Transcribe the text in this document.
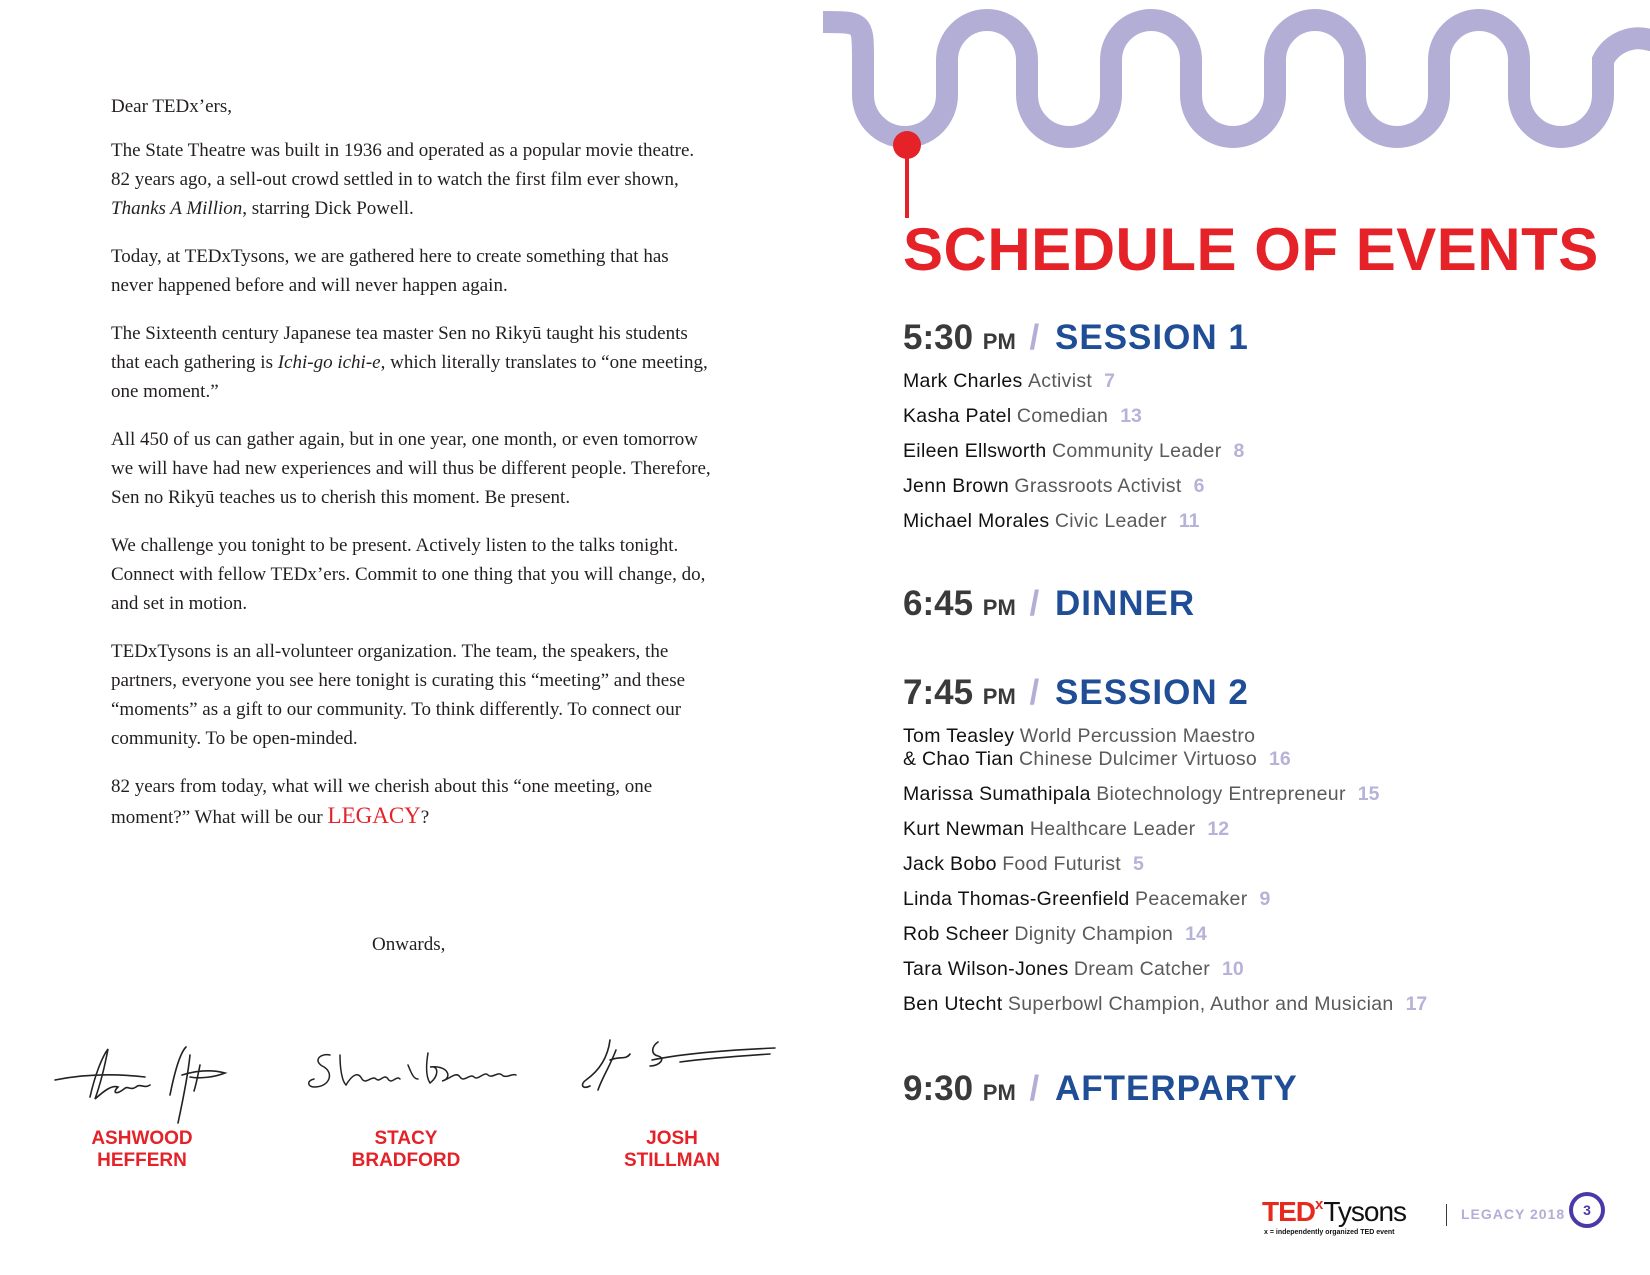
Dear TEDx’ers,

The State Theatre was built in 1936 and operated as a popular movie theatre. 82 years ago, a sell-out crowd settled in to watch the first film ever shown, Thanks A Million, starring Dick Powell.

Today, at TEDxTysons, we are gathered here to create something that has never happened before and will never happen again.

The Sixteenth century Japanese tea master Sen no Rikyū taught his students that each gathering is Ichi-go ichi-e, which literally translates to “one meeting, one moment.”

All 450 of us can gather again, but in one year, one month, or even tomorrow we will have had new experiences and will thus be different people. Therefore, Sen no Rikyū teaches us to cherish this moment. Be present.

We challenge you tonight to be present. Actively listen to the talks tonight. Connect with fellow TEDx’ers. Commit to one thing that you will change, do, and set in motion.

TEDxTysons is an all-volunteer organization. The team, the speakers, the partners, everyone you see here tonight is curating this “meeting” and these “moments” as a gift to our community. To think differently. To connect our community. To be open-minded.

82 years from today, what will we cherish about this “one meeting, one moment?” What will be our LEGACY?

Onwards,
ASHWOOD
HEFFERN
STACY
BRADFORD
JOSH
STILLMAN
SCHEDULE OF EVENTS
5:30 PM / SESSION 1
Mark Charles Activist 7
Kasha Patel Comedian 13
Eileen Ellsworth Community Leader 8
Jenn Brown Grassroots Activist 6
Michael Morales Civic Leader 11
6:45 PM / DINNER
7:45 PM / SESSION 2
Tom Teasley World Percussion Maestro
& Chao Tian Chinese Dulcimer Virtuoso 16
Marissa Sumathipala Biotechnology Entrepreneur 15
Kurt Newman Healthcare Leader 12
Jack Bobo Food Futurist 5
Linda Thomas-Greenfield Peacemaker 9
Rob Scheer Dignity Champion 14
Tara Wilson-Jones Dream Catcher 10
Ben Utecht Superbowl Champion, Author and Musician 17
9:30 PM / AFTERPARTY
TEDxTysons
x = independently organized TED event
LEGACY 2018	3
